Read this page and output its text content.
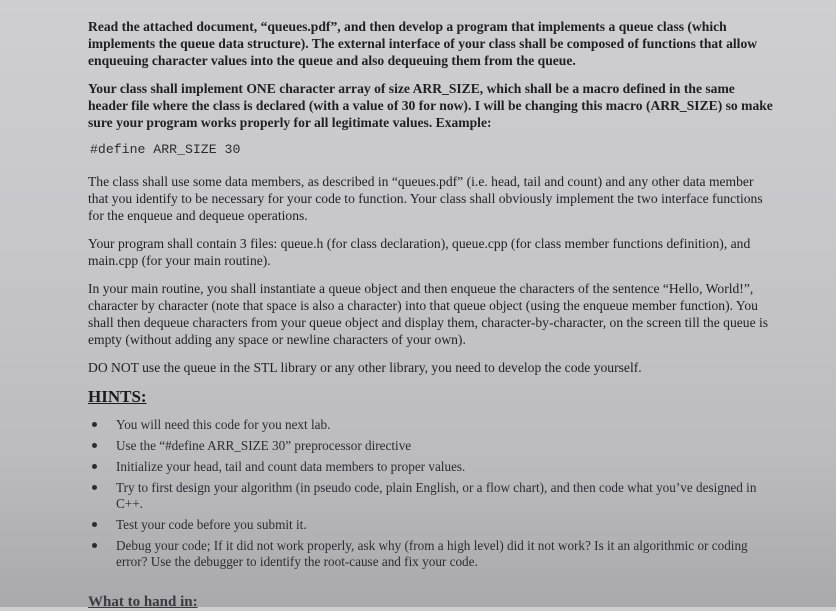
Read the attached document, “queues.pdf”, and then develop a program that implements a queue class (which implements the queue data structure). The external interface of your class shall be composed of functions that allow enqueuing character values into the queue and also dequeuing them from the queue.

Your class shall implement ONE character array of size ARR_SIZE, which shall be a macro defined in the same header file where the class is declared (with a value of 30 for now). I will be changing this macro (ARR_SIZE) so make sure your program works properly for all legitimate values. Example:

#define ARR_SIZE 30

The class shall use some data members, as described in “queues.pdf” (i.e. head, tail and count) and any other data member that you identify to be necessary for your code to function. Your class shall obviously implement the two interface functions for the enqueue and dequeue operations.

Your program shall contain 3 files: queue.h (for class declaration), queue.cpp (for class member functions definition), and main.cpp (for your main routine).

In your main routine, you shall instantiate a queue object and then enqueue the characters of the sentence “Hello, World!”, character by character (note that space is also a character) into that queue object (using the enqueue member function). You shall then dequeue characters from your queue object and display them, character-by-character, on the screen till the queue is empty (without adding any space or newline characters of your own).

DO NOT use the queue in the STL library or any other library, you need to develop the code yourself.

HINTS:
You will need this code for you next lab.
Use the “#define ARR_SIZE 30” preprocessor directive
Initialize your head, tail and count data members to proper values.
Try to first design your algorithm (in pseudo code, plain English, or a flow chart), and then code what you’ve designed in C++.
Test your code before you submit it.
Debug your code; If it did not work properly, ask why (from a high level) did it not work? Is it an algorithmic or coding error? Use the debugger to identify the root-cause and fix your code.
What to hand in:
